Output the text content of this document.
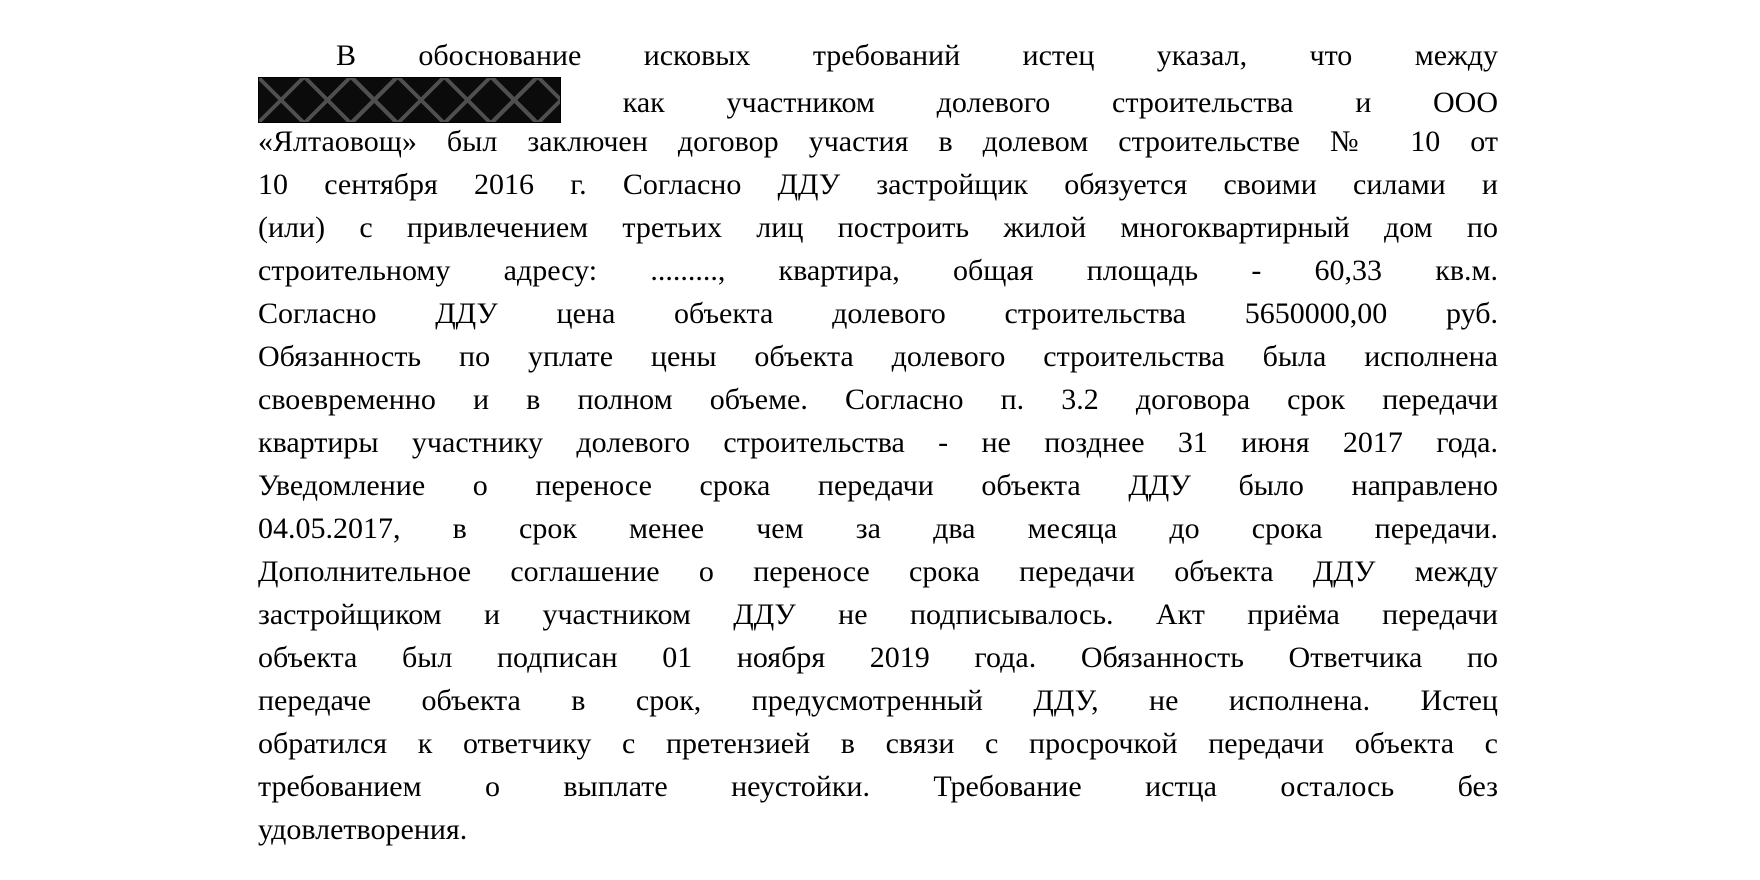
В обоснование исковых требований истец указал, что между
как участником долевого строительства и ООО
«Ялтаовощ» был заключен договор участия в долевом строительстве № 10 от
10 сентября 2016 г. Согласно ДДУ застройщик обязуется своими силами и
(или) с привлечением третьих лиц построить жилой многоквартирный дом по
строительному адресу: ........., квартира, общая площадь - 60,33 кв.м.
Согласно ДДУ цена объекта долевого строительства 5650000,00 руб.
Обязанность по уплате цены объекта долевого строительства была исполнена
своевременно и в полном объеме. Согласно п. 3.2 договора срок передачи
квартиры участнику долевого строительства - не позднее 31 июня 2017 года.
Уведомление о переносе срока передачи объекта ДДУ было направлено
04.05.2017, в срок менее чем за два месяца до срока передачи.
Дополнительное соглашение о переносе срока передачи объекта ДДУ между
застройщиком и участником ДДУ не подписывалось. Акт приёма передачи
объекта был подписан 01 ноября 2019 года. Обязанность Ответчика по
передаче объекта в срок, предусмотренный ДДУ, не исполнена. Истец
обратился к ответчику с претензией в связи с просрочкой передачи объекта с
требованием о выплате неустойки. Требование истца осталось без
удовлетворения.
